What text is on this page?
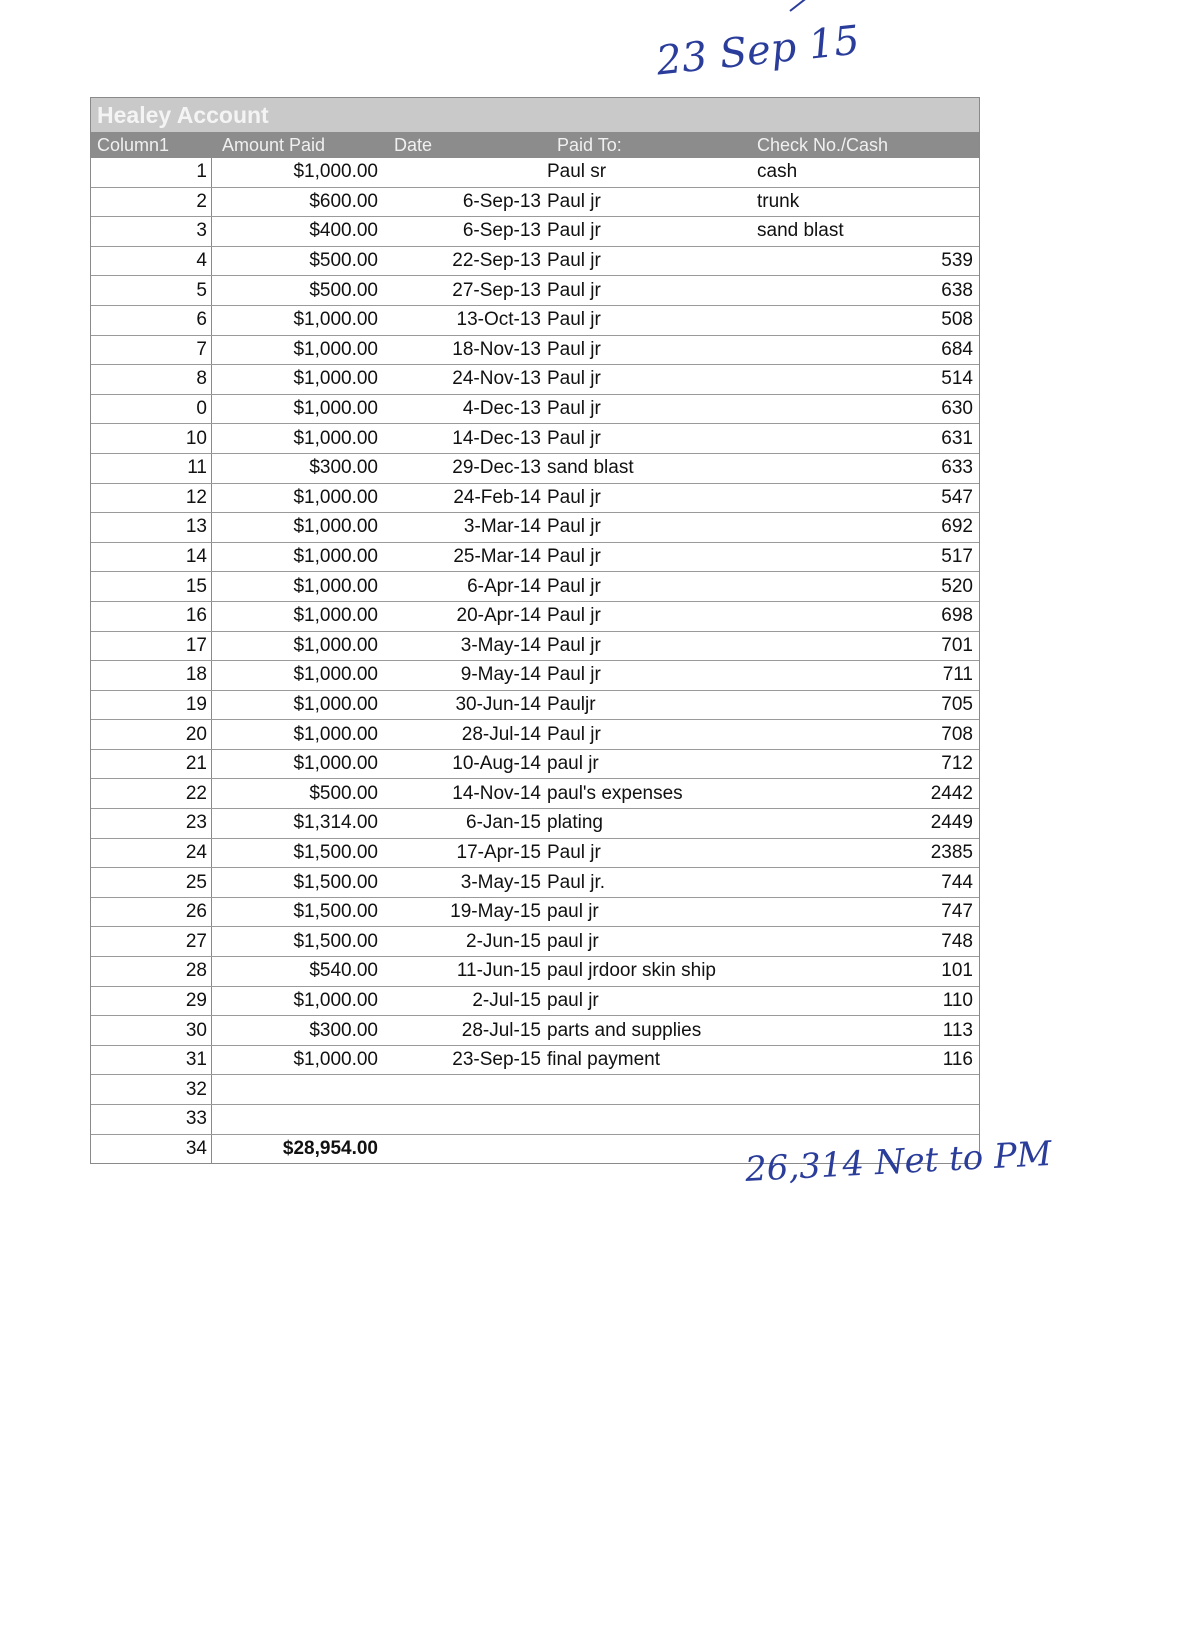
23 Sep 15
Healey Account
Column1	Amount Paid	Date	Paid To:	Check No./Cash
1	$1,000.00	Paul sr	cash
2	$600.00	6-Sep-13 Paul jr	trunk
3	$400.00	6-Sep-13 Paul jr	sand blast
4	$500.00	22-Sep-13 Paul jr	539
5	$500.00	27-Sep-13 Paul jr	638
6	$1,000.00	13-Oct-13 Paul jr	508
7	$1,000.00	18-Nov-13 Paul jr	684
8	$1,000.00	24-Nov-13 Paul jr	514
0	$1,000.00	4-Dec-13 Paul jr	630
10	$1,000.00	14-Dec-13 Paul jr	631
11	$300.00	29-Dec-13 sand blast	633
12	$1,000.00	24-Feb-14 Paul jr	547
13	$1,000.00	3-Mar-14 Paul jr	692
14	$1,000.00	25-Mar-14 Paul jr	517
15	$1,000.00	6-Apr-14 Paul jr	520
16	$1,000.00	20-Apr-14 Paul jr	698
17	$1,000.00	3-May-14 Paul jr	701
18	$1,000.00	9-May-14 Paul jr	711
19	$1,000.00	30-Jun-14 Pauljr	705
20	$1,000.00	28-Jul-14 Paul jr	708
21	$1,000.00	10-Aug-14 paul jr	712
22	$500.00	14-Nov-14 paul's expenses	2442
23	$1,314.00	6-Jan-15 plating	2449
24	$1,500.00	17-Apr-15 Paul jr	2385
25	$1,500.00	3-May-15 Paul jr.	744
26	$1,500.00	19-May-15 paul jr	747
27	$1,500.00	2-Jun-15 paul jr	748
28	$540.00	11-Jun-15 paul jrdoor skin ship	101
29	$1,000.00	2-Jul-15 paul jr	110
30	$300.00	28-Jul-15 parts and supplies	113
31	$1,000.00	23-Sep-15 final payment	116
32
33
34	$28,954.00	26,314 Net to PM
